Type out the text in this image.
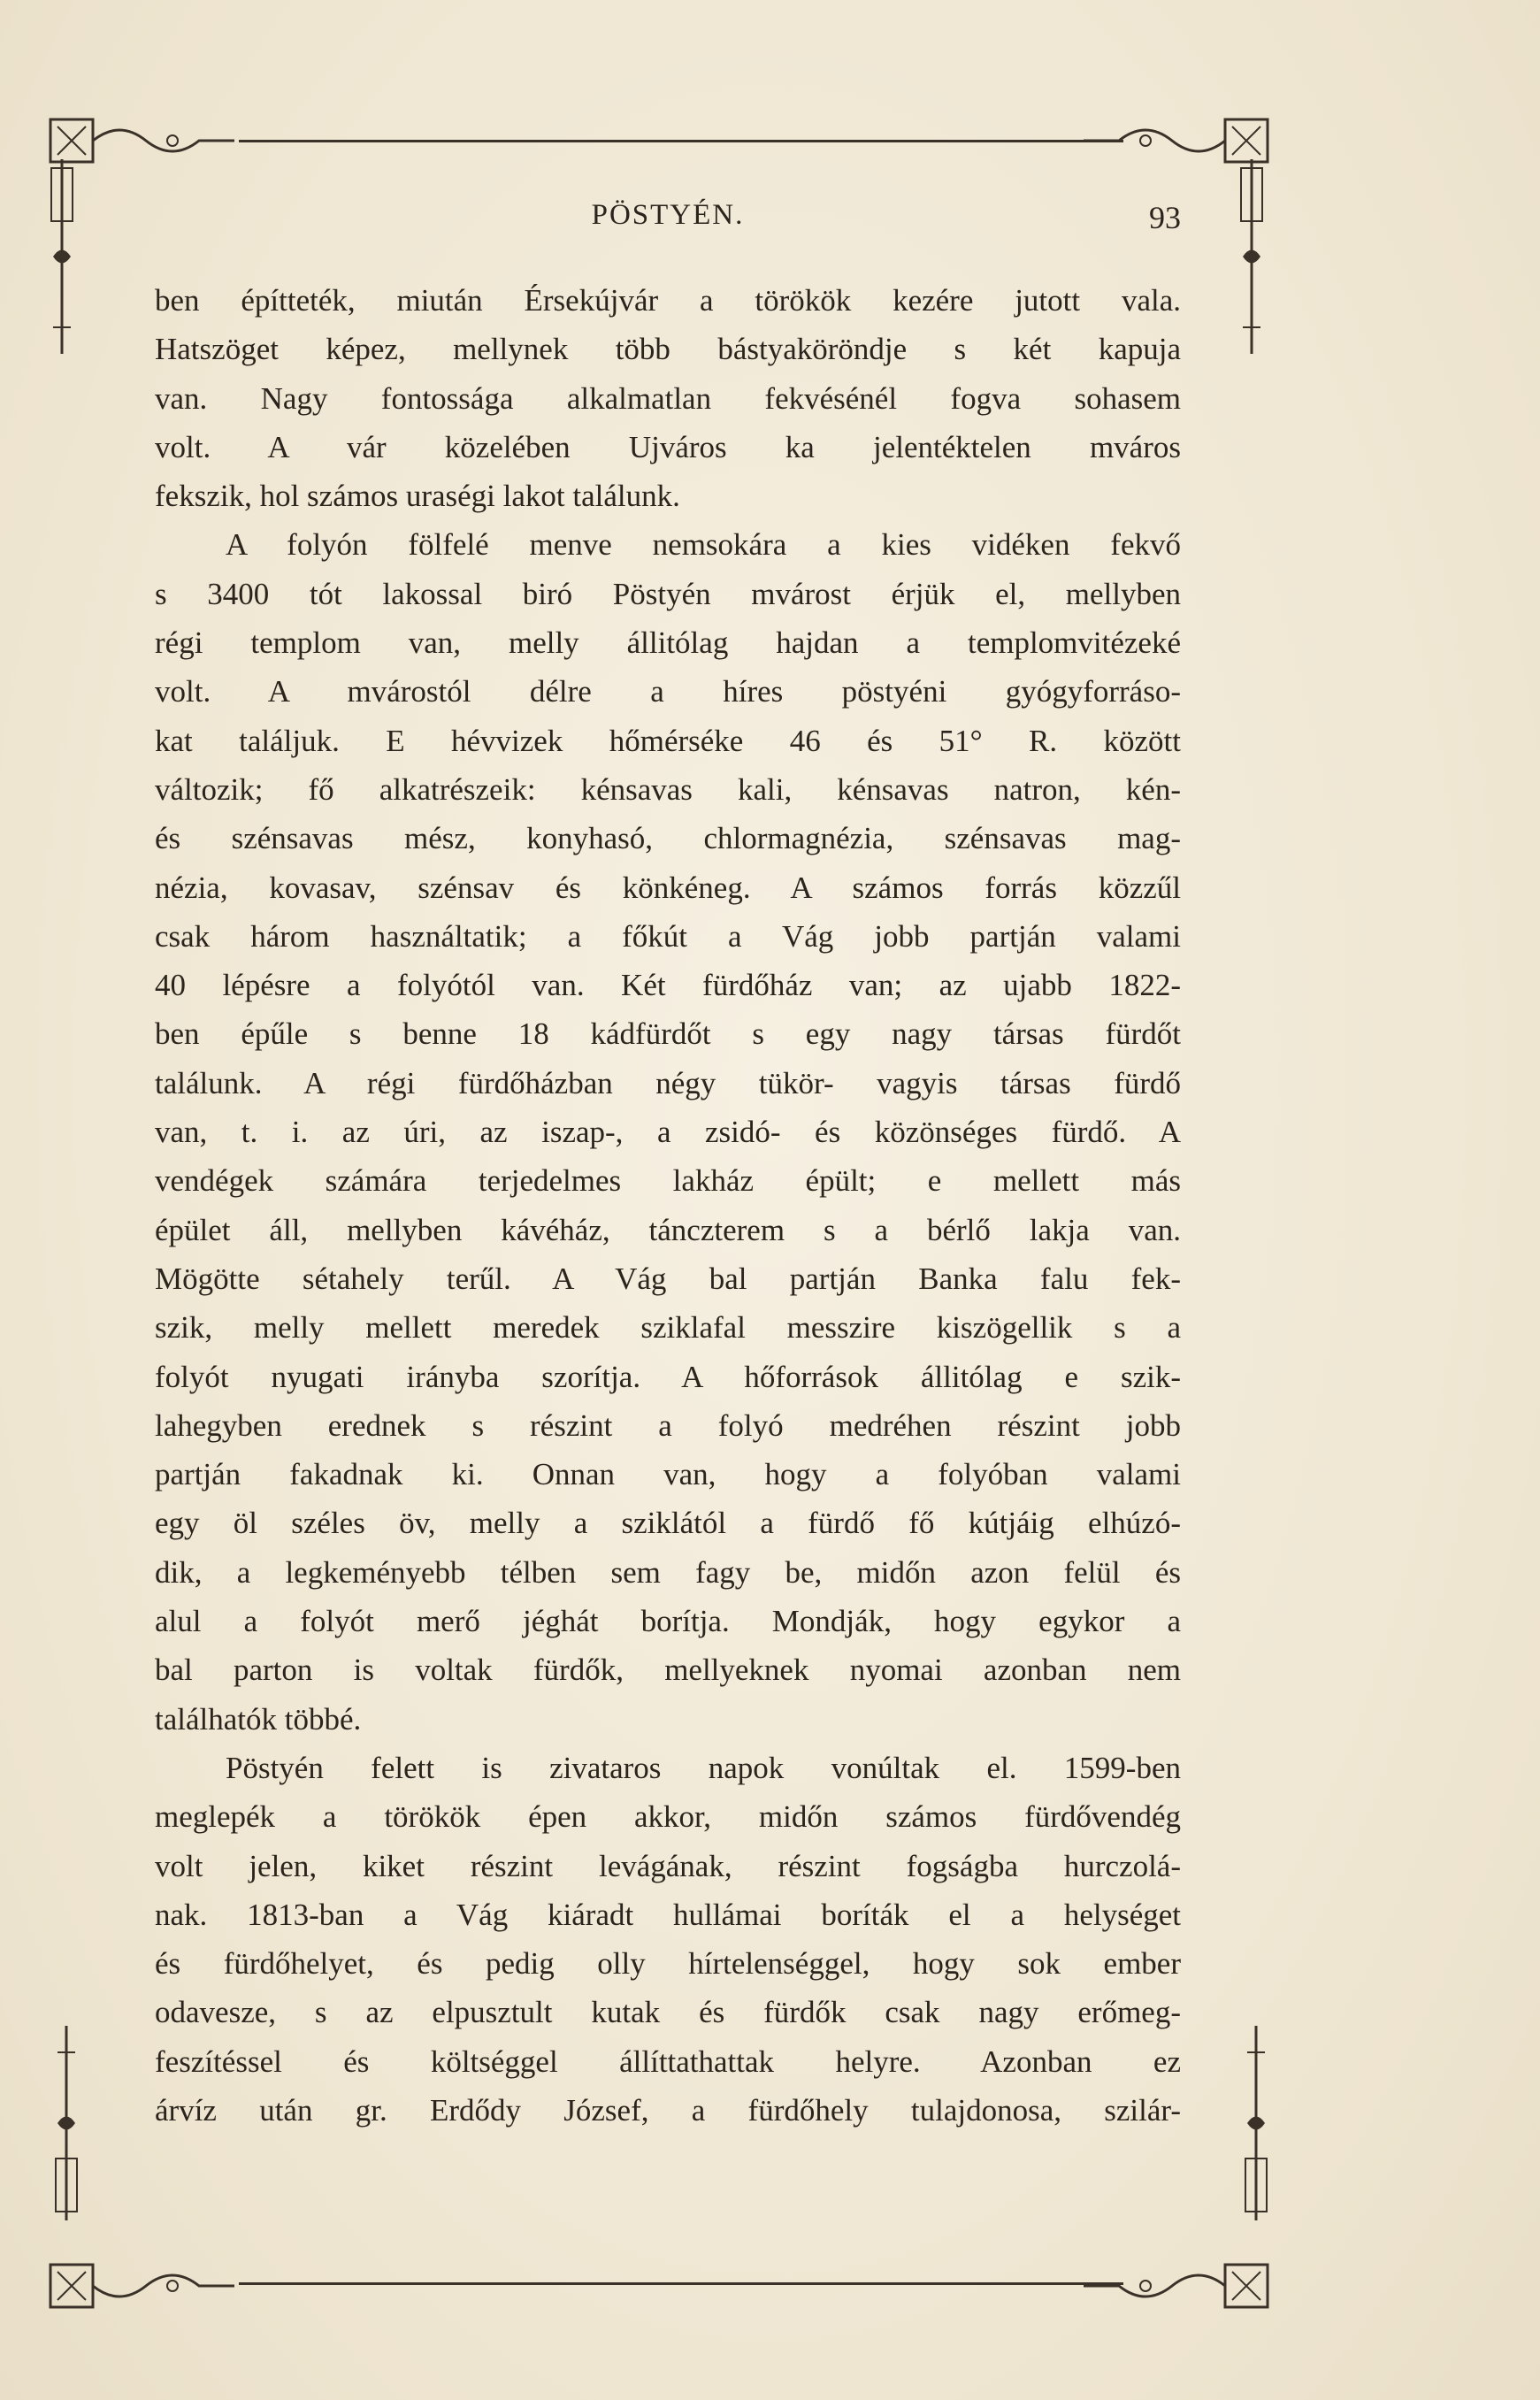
PÖSTYÉN.	93
ben építteték, miután Érsekújvár a törökök kezére jutott vala.
Hatszöget képez, mellynek több bástyaköröndje s két kapuja
van. Nagy fontossága alkalmatlan fekvésénél fogva sohasem
volt. A vár közelében Ujváros ka jelentéktelen mváros
fekszik, hol számos uraségi lakot találunk.
A folyón fölfelé menve nemsokára a kies vidéken fekvő
s 3400 tót lakossal biró Pöstyén mvárost érjük el, mellyben
régi templom van, melly állitólag hajdan a templomvitézeké
volt. A mvárostól délre a híres pöstyéni gyógyforráso-
kat találjuk. E hévvizek hőmérséke 46 és 51° R. között
változik; fő alkatrészeik: kénsavas kali, kénsavas natron, kén-
és szénsavas mész, konyhasó, chlormagnézia, szénsavas mag-
nézia, kovasav, szénsav és könkéneg. A számos forrás közzűl
csak három használtatik; a főkút a Vág jobb partján valami
40 lépésre a folyótól van. Két fürdőház van; az ujabb 1822-
ben épűle s benne 18 kádfürdőt s egy nagy társas fürdőt
találunk. A régi fürdőházban négy tükör- vagyis társas fürdő
van, t. i. az úri, az iszap-, a zsidó- és közönséges fürdő. A
vendégek számára terjedelmes lakház épült; e mellett más
épület áll, mellyben kávéház, tánczterem s a bérlő lakja van.
Mögötte sétahely terűl. A Vág bal partján Banka falu fek-
szik, melly mellett meredek sziklafal messzire kiszögellik s a
folyót nyugati irányba szorítja. A hőforrások állitólag e szik-
lahegyben erednek s részint a folyó medréhen részint jobb
partján fakadnak ki. Onnan van, hogy a folyóban valami
egy öl széles öv, melly a sziklától a fürdő fő kútjáig elhúzó-
dik, a legkeményebb télben sem fagy be, midőn azon felül és
alul a folyót merő jéghát borítja. Mondják, hogy egykor a
bal parton is voltak fürdők, mellyeknek nyomai azonban nem
találhatók többé.
Pöstyén felett is zivataros napok vonúltak el. 1599-ben
meglepék a törökök épen akkor, midőn számos fürdővendég
volt jelen, kiket részint levágának, részint fogságba hurczolá-
nak. 1813-ban a Vág kiáradt hullámai boríták el a helységet
és fürdőhelyet, és pedig olly hírtelenséggel, hogy sok ember
odavesze, s az elpusztult kutak és fürdők csak nagy erőmeg-
feszítéssel és költséggel állíttathattak helyre. Azonban ez
árvíz után gr. Erdődy József, a fürdőhely tulajdonosa, szilár-
